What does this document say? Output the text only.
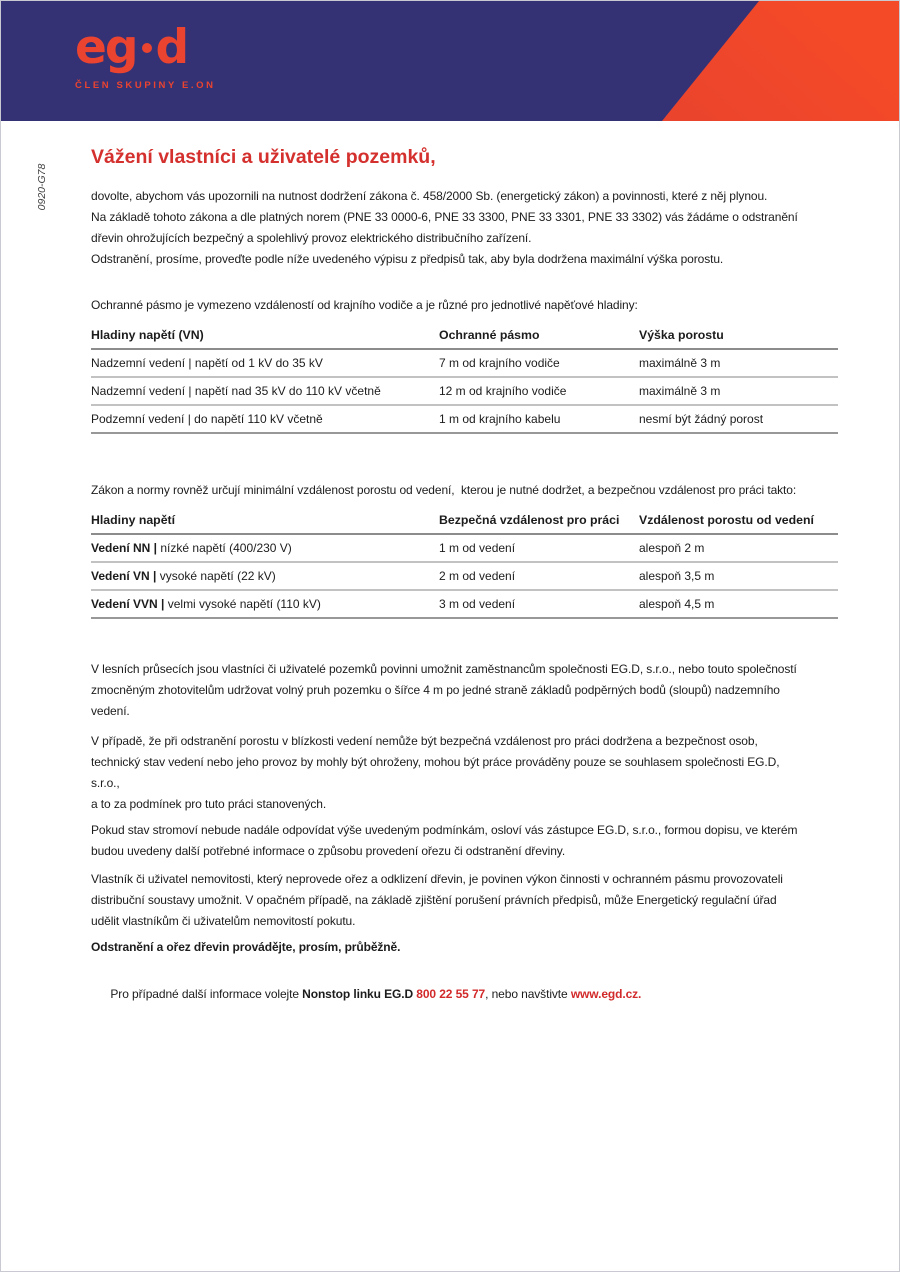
eg d
ČLEN SKUPINY E.ON
0920-G78
Vážení vlastníci a uživatelé pozemků,
dovolte, abychom vás upozornili na nutnost dodržení zákona č. 458/2000 Sb. (energetický zákon) a povinnosti, které z něj plynou.
Na základě tohoto zákona a dle platných norem (PNE 33 0000-6, PNE 33 3300, PNE 33 3301, PNE 33 3302) vás žádáme o odstranění
dřevin ohrožujících bezpečný a spolehlivý provoz elektrického distribučního zařízení.
Odstranění, prosíme, proveďte podle níže uvedeného výpisu z předpisů tak, aby byla dodržena maximální výška porostu.
Ochranné pásmo je vymezeno vzdáleností od krajního vodiče a je různé pro jednotlivé napěťové hladiny:
Hladiny napětí (VN)	Ochranné pásmo	Výška porostu
Nadzemní vedení | napětí od 1 kV do 35 kV	7 m od krajního vodiče	maximálně 3 m
Nadzemní vedení | napětí nad 35 kV do 110 kV včetně	12 m od krajního vodiče	maximálně 3 m
Podzemní vedení | do napětí 110 kV včetně	1 m od krajního kabelu	nesmí být žádný porost
Zákon a normy rovněž určují minimální vzdálenost porostu od vedení,  kterou je nutné dodržet, a bezpečnou vzdálenost pro práci takto:
Hladiny napětí	Bezpečná vzdálenost pro práci	Vzdálenost porostu od vedení
Vedení NN | nízké napětí (400/230 V)	1 m od vedení	alespoň 2 m
Vedení VN | vysoké napětí (22 kV)	2 m od vedení	alespoň 3,5 m
Vedení VVN | velmi vysoké napětí (110 kV)	3 m od vedení	alespoň 4,5 m
V lesních průsecích jsou vlastníci či uživatelé pozemků povinni umožnit zaměstnancům společnosti EG.D, s.r.o., nebo touto společností
zmocněným zhotovitelům udržovat volný pruh pozemku o šířce 4 m po jedné straně základů podpěrných bodů (sloupů) nadzemního
vedení.
V případě, že při odstranění porostu v blízkosti vedení nemůže být bezpečná vzdálenost pro práci dodržena a bezpečnost osob,
technický stav vedení nebo jeho provoz by mohly být ohroženy, mohou být práce prováděny pouze se souhlasem společnosti EG.D,
s.r.o.,
a to za podmínek pro tuto práci stanovených.
Pokud stav stromoví nebude nadále odpovídat výše uvedeným podmínkám, osloví vás zástupce EG.D, s.r.o., formou dopisu, ve kterém
budou uvedeny další potřebné informace o způsobu provedení ořezu či odstranění dřeviny.
Vlastník či uživatel nemovitosti, který neprovede ořez a odklizení dřevin, je povinen výkon činnosti v ochranném pásmu provozovateli
distribuční soustavy umožnit. V opačném případě, na základě zjištění porušení právních předpisů, může Energetický regulační úřad
udělit vlastníkům či uživatelům nemovitostí pokutu.
Odstranění a ořez dřevin provádějte, prosím, průběžně.

Pro případné další informace volejte Nonstop linku EG.D 800 22 55 77, nebo navštivte www.egd.cz.
